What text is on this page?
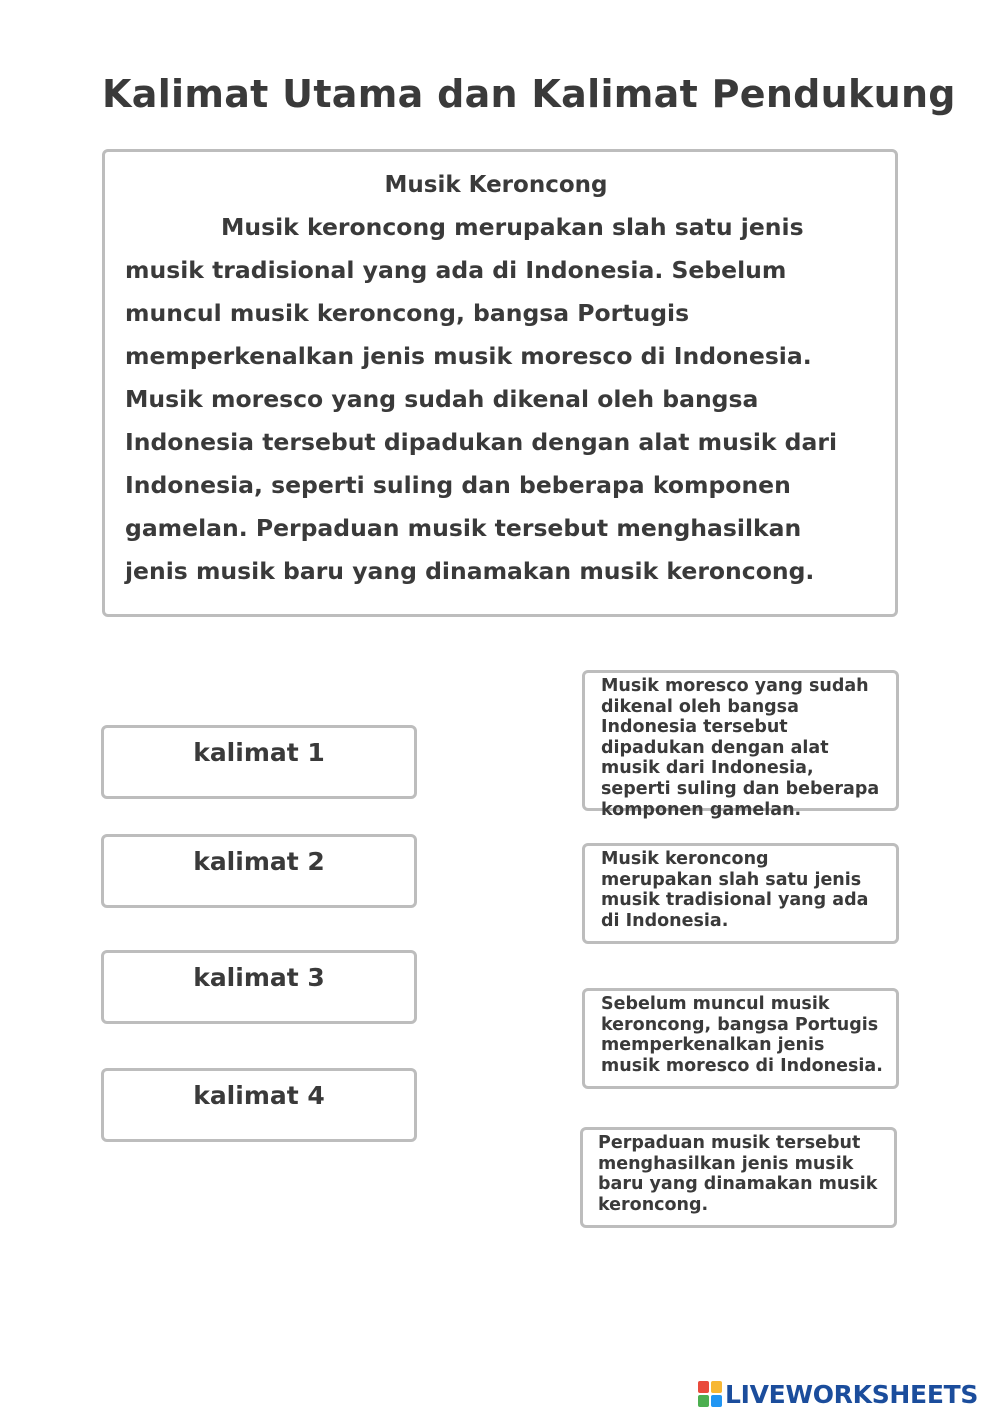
Kalimat Utama dan Kalimat Pendukung

Musik Keroncong

Musik keroncong merupakan slah satu jenis musik tradisional yang ada di Indonesia. Sebelum muncul musik keroncong, bangsa Portugis memperkenalkan jenis musik moresco di Indonesia. Musik moresco yang sudah dikenal oleh bangsa Indonesia tersebut dipadukan dengan alat musik dari Indonesia, seperti suling dan beberapa komponen gamelan. Perpaduan musik tersebut menghasilkan jenis musik baru yang dinamakan musik keroncong.

kalimat 1
kalimat 2
kalimat 3
kalimat 4
Musik moresco yang sudah dikenal oleh bangsa Indonesia tersebut dipadukan dengan alat musik dari Indonesia, seperti suling dan beberapa komponen gamelan.
Musik keroncong merupakan slah satu jenis musik tradisional yang ada di Indonesia.
Sebelum muncul musik keroncong, bangsa Portugis memperkenalkan jenis musik moresco di Indonesia.
Perpaduan musik tersebut menghasilkan jenis musik baru yang dinamakan musik keroncong.
LIVEWORKSHEETS
